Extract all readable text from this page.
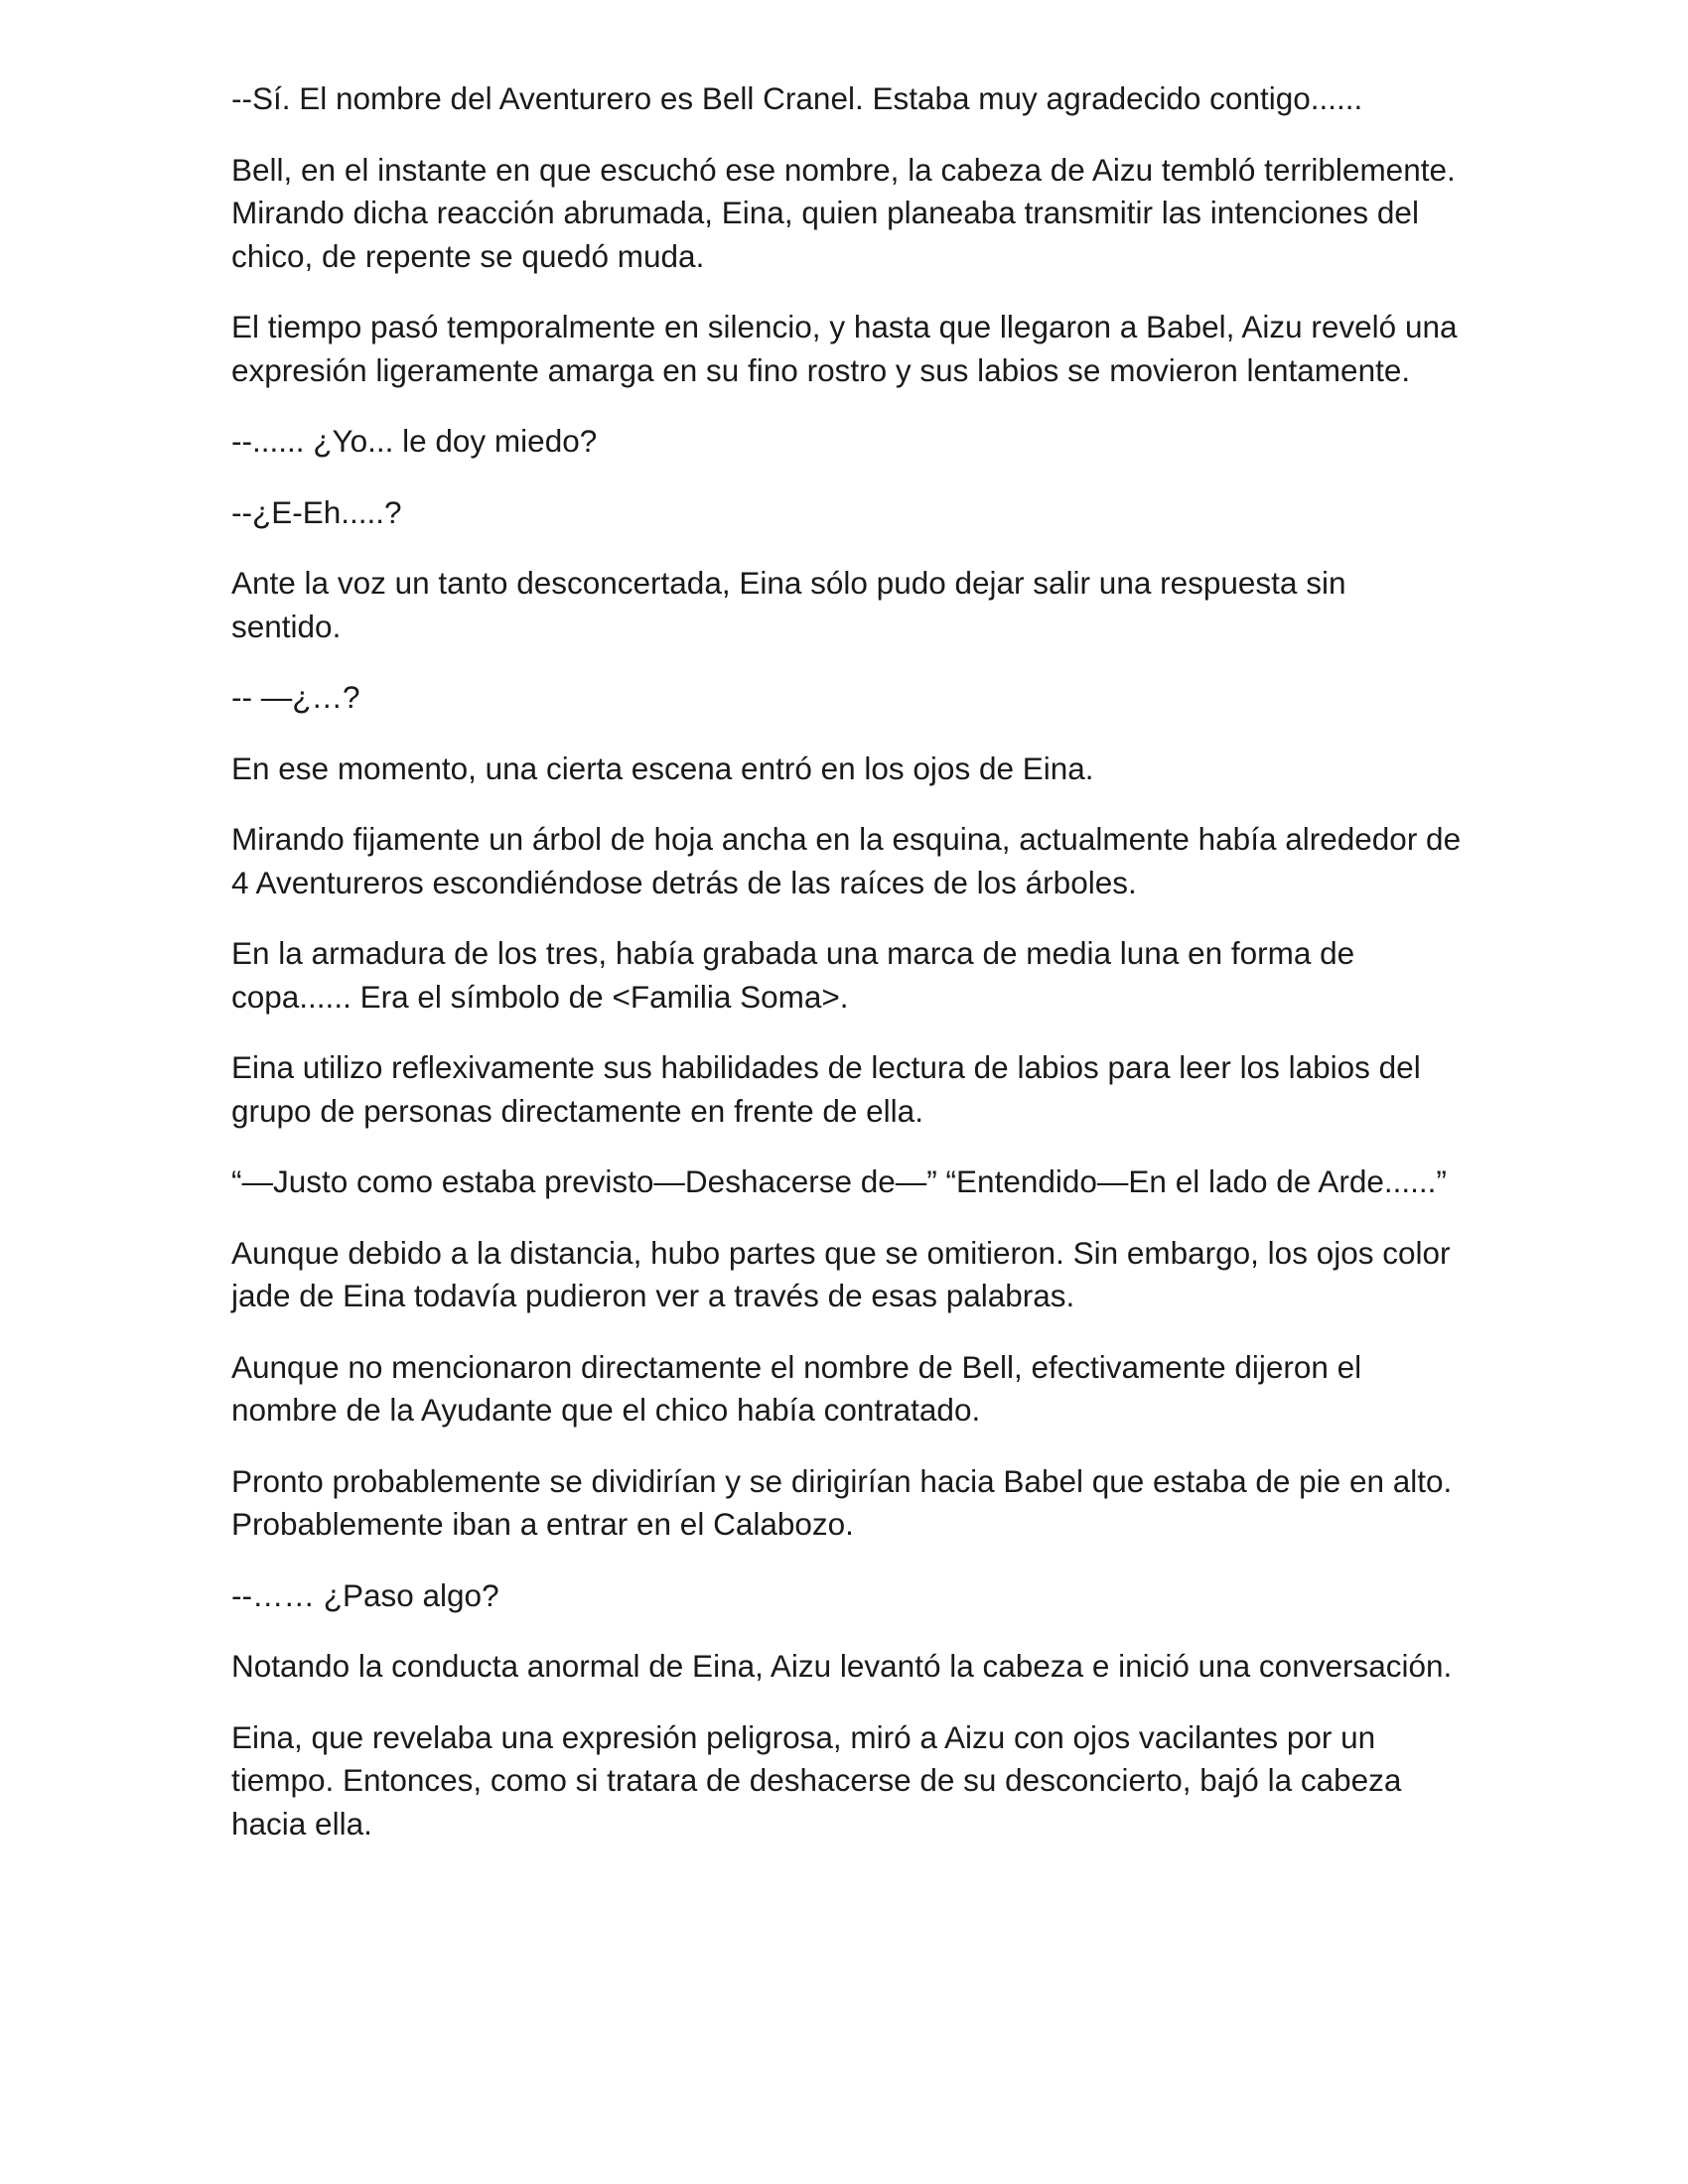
--Sí. El nombre del Aventurero es Bell Cranel. Estaba muy agradecido contigo......

Bell, en el instante en que escuchó ese nombre, la cabeza de Aizu tembló terriblemente. Mirando dicha reacción abrumada, Eina, quien planeaba transmitir las intenciones del chico, de repente se quedó muda.

El tiempo pasó temporalmente en silencio, y hasta que llegaron a Babel, Aizu reveló una expresión ligeramente amarga en su fino rostro y sus labios se movieron lentamente.

--...... ¿Yo... le doy miedo?

--¿E-Eh.....?

Ante la voz un tanto desconcertada, Eina sólo pudo dejar salir una respuesta sin sentido.

-- —¿…?

En ese momento, una cierta escena entró en los ojos de Eina.

Mirando fijamente un árbol de hoja ancha en la esquina, actualmente había alrededor de 4 Aventureros escondiéndose detrás de las raíces de los árboles.

En la armadura de los tres, había grabada una marca de media luna en forma de copa...... Era el símbolo de <Familia Soma>.

Eina utilizo reflexivamente sus habilidades de lectura de labios para leer los labios del grupo de personas directamente en frente de ella.

“—Justo como estaba previsto—Deshacerse de—” “Entendido—En el lado de Arde......”

Aunque debido a la distancia, hubo partes que se omitieron. Sin embargo, los ojos color jade de Eina todavía pudieron ver a través de esas palabras.

Aunque no mencionaron directamente el nombre de Bell, efectivamente dijeron el nombre de la Ayudante que el chico había contratado.

Pronto probablemente se dividirían y se dirigirían hacia Babel que estaba de pie en alto. Probablemente iban a entrar en el Calabozo.

--…… ¿Paso algo?

Notando la conducta anormal de Eina, Aizu levantó la cabeza e inició una conversación.

Eina, que revelaba una expresión peligrosa, miró a Aizu con ojos vacilantes por un tiempo. Entonces, como si tratara de deshacerse de su desconcierto, bajó la cabeza hacia ella.
